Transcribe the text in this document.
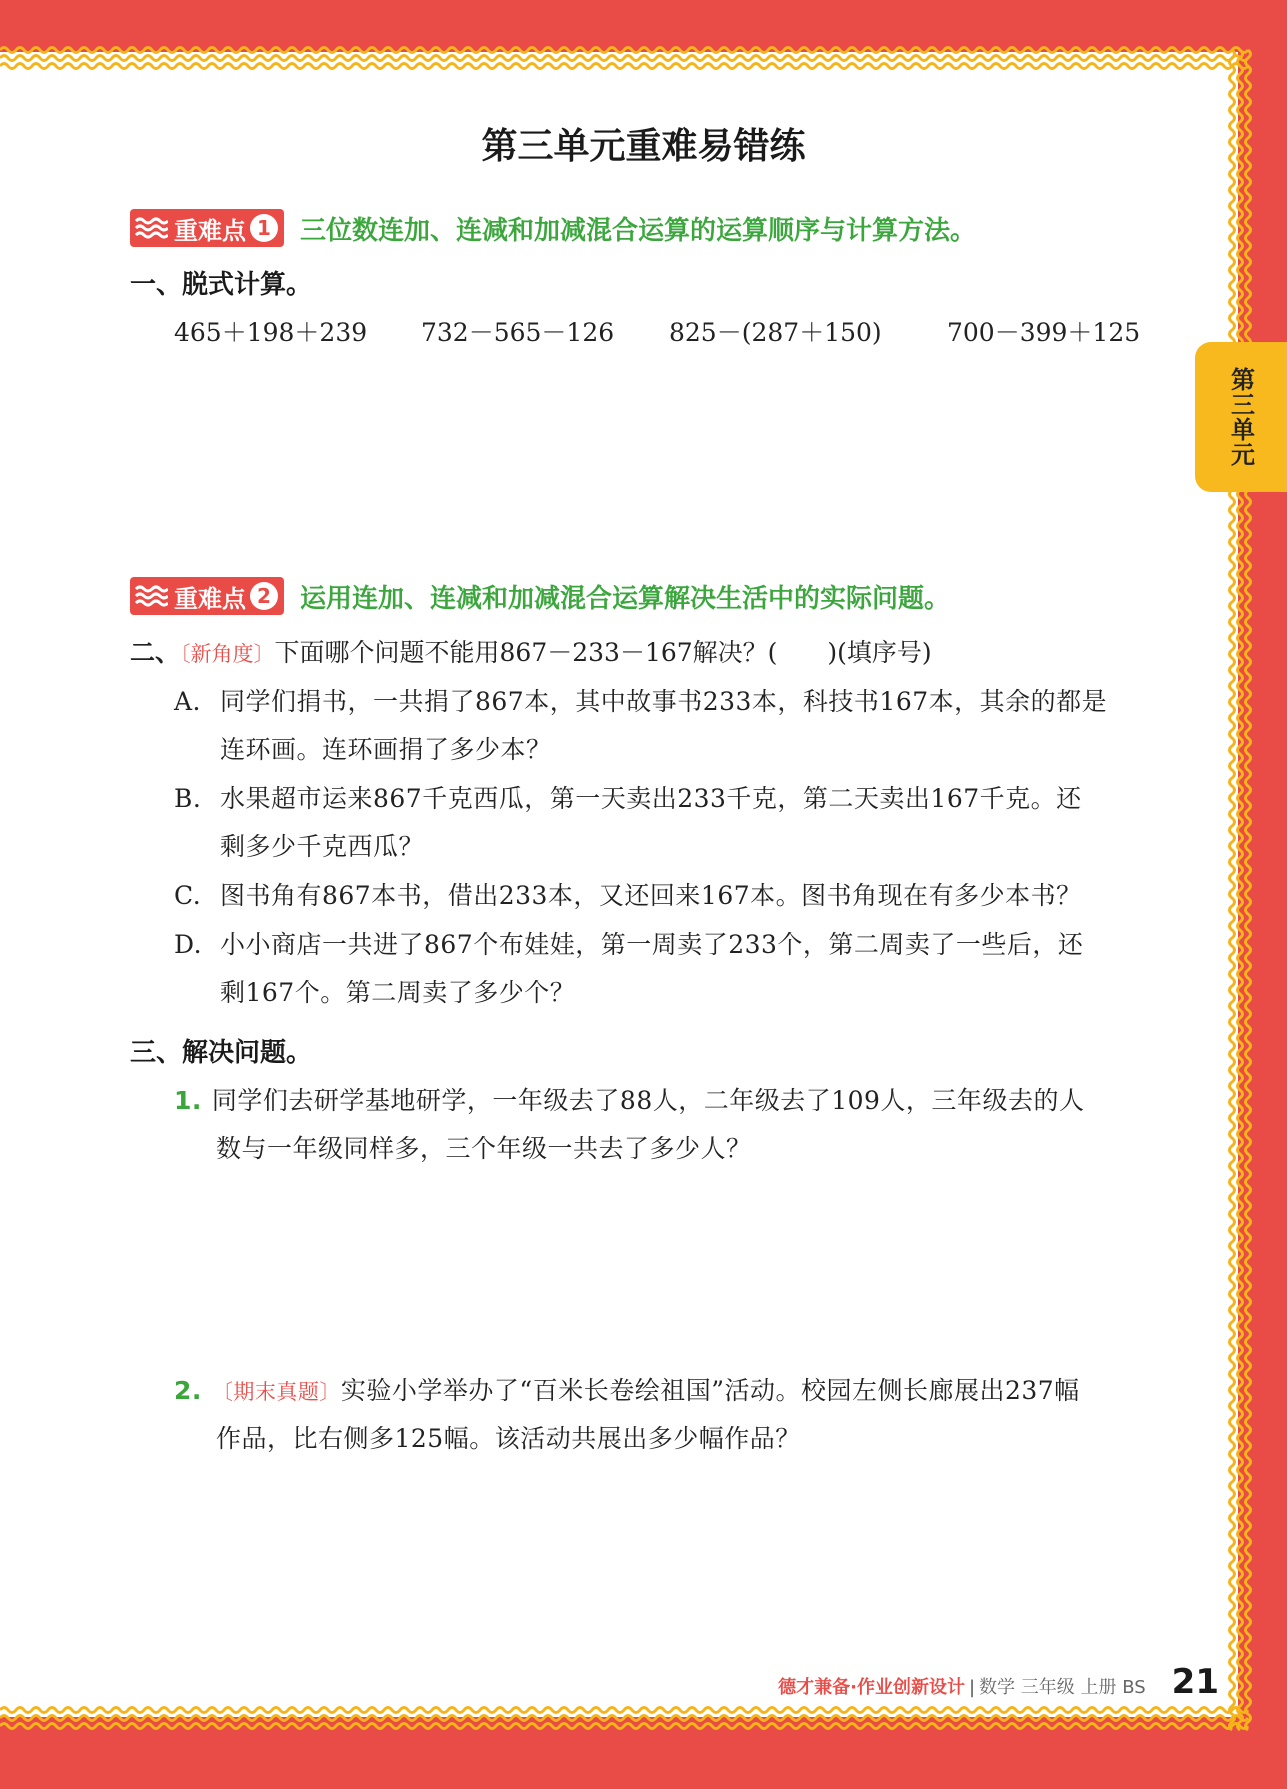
第三单元
第三单元重难易错练
重难点 1 三位数连加、连减和加减混合运算的运算顺序与计算方法。
一、脱式计算。
465＋198＋239 732－565－126 825－(287＋150)	700－399＋125
重难点 2 运用连加、连减和加减混合运算解决生活中的实际问题。
二、〔新角度〕下面哪个问题不能用867－233－167解决？(　　)(填序号)
A. 同学们捐书，一共捐了867本，其中故事书233本，科技书167本，其余的都是
连环画。连环画捐了多少本？
B. 水果超市运来867千克西瓜，第一天卖出233千克，第二天卖出167千克。还
剩多少千克西瓜？
C. 图书角有867本书，借出233本，又还回来167本。图书角现在有多少本书？
D. 小小商店一共进了867个布娃娃，第一周卖了233个，第二周卖了一些后，还
剩167个。第二周卖了多少个？
三、解决问题。
1. 同学们去研学基地研学，一年级去了88人，二年级去了109人，三年级去的人
数与一年级同样多，三个年级一共去了多少人？
2. 〔期末真题〕实验小学举办了“百米长卷绘祖国”活动。校园左侧长廊展出237幅
作品，比右侧多125幅。该活动共展出多少幅作品？
德才兼备·作业创新设计 | 数学 三年级 上册 BS 21
